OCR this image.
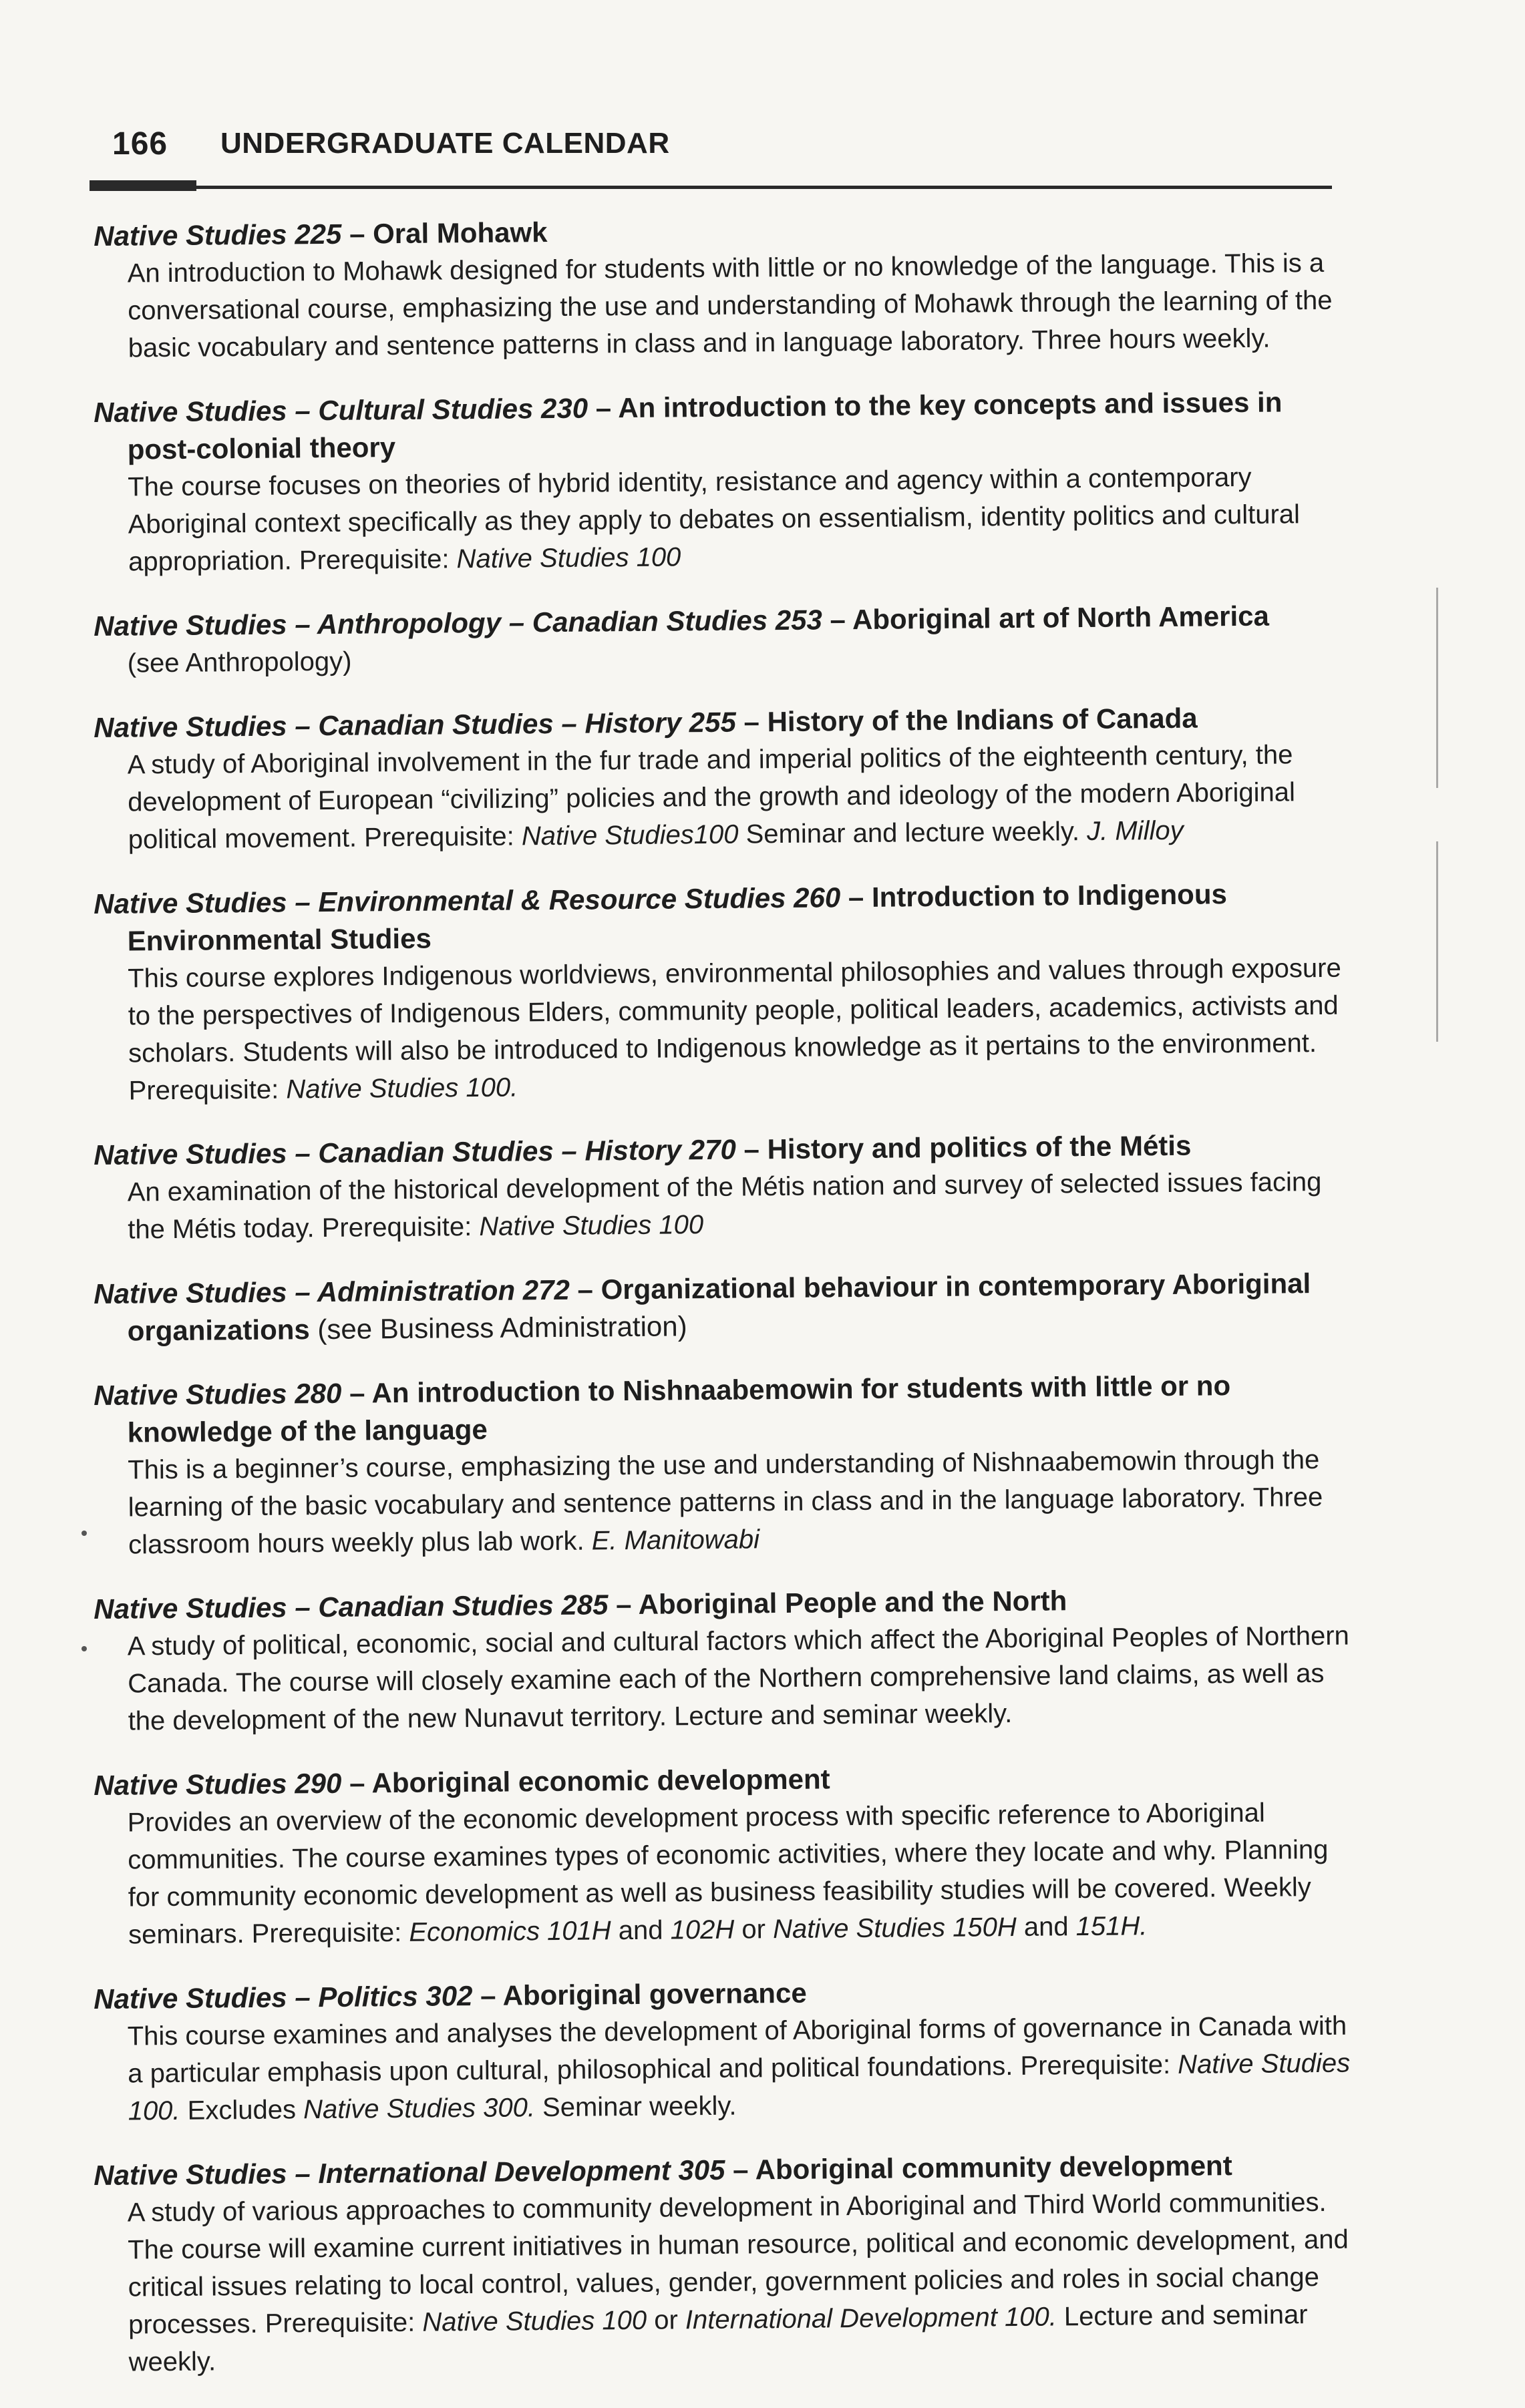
166 UNDERGRADUATE CALENDAR
Native Studies 225 – Oral Mohawk
An introduction to Mohawk designed for students with little or no knowledge of the language. This is a conversational course, emphasizing the use and understanding of Mohawk through the learning of the basic vocabulary and sentence patterns in class and in language laboratory. Three hours weekly.
Native Studies – Cultural Studies 230 – An introduction to the key concepts and issues in post-colonial theory
The course focuses on theories of hybrid identity, resistance and agency within a contemporary Aboriginal context specifically as they apply to debates on essentialism, identity politics and cultural appropriation. Prerequisite: Native Studies 100
Native Studies – Anthropology – Canadian Studies 253 – Aboriginal art of North America
(see Anthropology)
Native Studies – Canadian Studies – History 255 – History of the Indians of Canada
A study of Aboriginal involvement in the fur trade and imperial politics of the eighteenth century, the development of European “civilizing” policies and the growth and ideology of the modern Aboriginal political movement. Prerequisite: Native Studies100 Seminar and lecture weekly. J. Milloy
Native Studies – Environmental & Resource Studies 260 – Introduction to Indigenous Environmental Studies
This course explores Indigenous worldviews, environmental philosophies and values through exposure to the perspectives of Indigenous Elders, community people, political leaders, academics, activists and scholars. Students will also be introduced to Indigenous knowledge as it pertains to the environment. Prerequisite: Native Studies 100.
Native Studies – Canadian Studies – History 270 – History and politics of the Métis
An examination of the historical development of the Métis nation and survey of selected issues facing the Métis today. Prerequisite: Native Studies 100
Native Studies – Administration 272 – Organizational behaviour in contemporary Aboriginal organizations (see Business Administration)
Native Studies 280 – An introduction to Nishnaabemowin for students with little or no knowledge of the language
This is a beginner’s course, emphasizing the use and understanding of Nishnaabemowin through the learning of the basic vocabulary and sentence patterns in class and in the language laboratory. Three classroom hours weekly plus lab work. E. Manitowabi
Native Studies – Canadian Studies 285 – Aboriginal People and the North
A study of political, economic, social and cultural factors which affect the Aboriginal Peoples of Northern Canada. The course will closely examine each of the Northern comprehensive land claims, as well as the development of the new Nunavut territory. Lecture and seminar weekly.
Native Studies 290 – Aboriginal economic development
Provides an overview of the economic development process with specific reference to Aboriginal communities. The course examines types of economic activities, where they locate and why. Planning for community economic development as well as business feasibility studies will be covered. Weekly seminars. Prerequisite: Economics 101H and 102H or Native Studies 150H and 151H.
Native Studies – Politics 302 – Aboriginal governance
This course examines and analyses the development of Aboriginal forms of governance in Canada with a particular emphasis upon cultural, philosophical and political foundations. Prerequisite: Native Studies 100. Excludes Native Studies 300. Seminar weekly.
Native Studies – International Development 305 – Aboriginal community development
A study of various approaches to community development in Aboriginal and Third World communities. The course will examine current initiatives in human resource, political and economic development, and critical issues relating to local control, values, gender, government policies and roles in social change processes. Prerequisite: Native Studies 100 or International Development 100. Lecture and seminar weekly.
